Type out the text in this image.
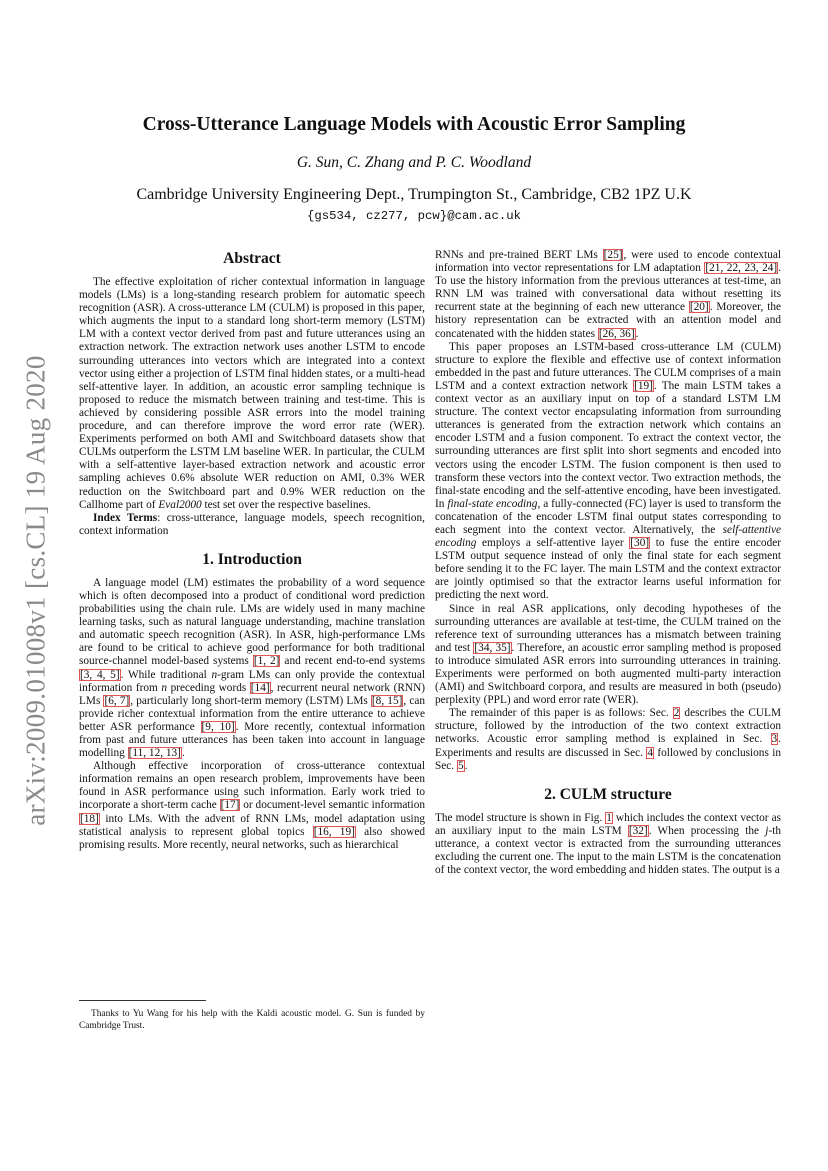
arXiv:2009.01008v1 [cs.CL] 19 Aug 2020
Cross-Utterance Language Models with Acoustic Error Sampling
G. Sun, C. Zhang and P. C. Woodland
Cambridge University Engineering Dept., Trumpington St., Cambridge, CB2 1PZ U.K
{gs534, cz277, pcw}@cam.ac.uk
Abstract

The effective exploitation of richer contextual information in language models (LMs) is a long-standing research problem for automatic speech recognition (ASR). A cross-utterance LM (CULM) is proposed in this paper, which augments the input to a standard long short-term memory (LSTM) LM with a context vector derived from past and future utterances using an extraction network. The extraction network uses another LSTM to encode surrounding utterances into vectors which are integrated into a context vector using either a projection of LSTM final hidden states, or a multi-head self-attentive layer. In addition, an acoustic error sampling technique is proposed to reduce the mismatch between training and test-time. This is achieved by considering possible ASR errors into the model training procedure, and can therefore improve the word error rate (WER). Experiments performed on both AMI and Switchboard datasets show that CULMs outperform the LSTM LM baseline WER. In particular, the CULM with a self-attentive layer-based extraction network and acoustic error sampling achieves 0.6% absolute WER reduction on AMI, 0.3% WER reduction on the Switchboard part and 0.9% WER reduction on the Callhome part of Eval2000 test set over the respective baselines.

Index Terms: cross-utterance, language models, speech recognition, context information

1. Introduction

A language model (LM) estimates the probability of a word sequence which is often decomposed into a product of conditional word prediction probabilities using the chain rule. LMs are widely used in many machine learning tasks, such as natural language understanding, machine translation and automatic speech recognition (ASR). In ASR, high-performance LMs are found to be critical to achieve good performance for both traditional source-channel model-based systems [1, 2] and recent end-to-end systems [3, 4, 5]. While traditional n-gram LMs can only provide the contextual information from n preceding words [14], recurrent neural network (RNN) LMs [6, 7], particularly long short-term memory (LSTM) LMs [8, 15], can provide richer contextual information from the entire utterance to achieve better ASR performance [9, 10]. More recently, contextual information from past and future utterances has been taken into account in language modelling [11, 12, 13].

Although effective incorporation of cross-utterance contextual information remains an open research problem, improvements have been found in ASR performance using such information. Early work tried to incorporate a short-term cache [17] or document-level semantic information [18] into LMs. With the advent of RNN LMs, model adaptation using statistical analysis to represent global topics [16, 19] also showed promising results. More recently, neural networks, such as hierarchical

Thanks to Yu Wang for his help with the Kaldi acoustic model. G. Sun is funded by Cambridge Trust.

RNNs and pre-trained BERT LMs [25], were used to encode contextual information into vector representations for LM adaptation [21, 22, 23, 24]. To use the history information from the previous utterances at test-time, an RNN LM was trained with conversational data without resetting its recurrent state at the beginning of each new utterance [20]. Moreover, the history representation can be extracted with an attention model and concatenated with the hidden states [26, 36].

This paper proposes an LSTM-based cross-utterance LM (CULM) structure to explore the flexible and effective use of context information embedded in the past and future utterances. The CULM comprises of a main LSTM and a context extraction network [19]. The main LSTM takes a context vector as an auxiliary input on top of a standard LSTM LM structure. The context vector encapsulating information from surrounding utterances is generated from the extraction network which contains an encoder LSTM and a fusion component. To extract the context vector, the surrounding utterances are first split into short segments and encoded into vectors using the encoder LSTM. The fusion component is then used to transform these vectors into the context vector. Two extraction methods, the final-state encoding and the self-attentive encoding, have been investigated. In final-state encoding, a fully-connected (FC) layer is used to transform the concatenation of the encoder LSTM final output states corresponding to each segment into the context vector. Alternatively, the self-attentive encoding employs a self-attentive layer [30] to fuse the entire encoder LSTM output sequence instead of only the final state for each segment before sending it to the FC layer. The main LSTM and the context extractor are jointly optimised so that the extractor learns useful information for predicting the next word.

Since in real ASR applications, only decoding hypotheses of the surrounding utterances are available at test-time, the CULM trained on the reference text of surrounding utterances has a mismatch between training and test [34, 35]. Therefore, an acoustic error sampling method is proposed to introduce simulated ASR errors into surrounding utterances in training. Experiments were performed on both augmented multi-party interaction (AMI) and Switchboard corpora, and results are measured in both (pseudo) perplexity (PPL) and word error rate (WER).

The remainder of this paper is as follows: Sec. 2 describes the CULM structure, followed by the introduction of the two context extraction networks. Acoustic error sampling method is explained in Sec. 3. Experiments and results are discussed in Sec. 4 followed by conclusions in Sec. 5.

2. CULM structure

The model structure is shown in Fig. 1 which includes the context vector as an auxiliary input to the main LSTM [32]. When processing the j-th utterance, a context vector is extracted from the surrounding utterances excluding the current one. The input to the main LSTM is the concatenation of the context vector, the word embedding and hidden states. The output is a
